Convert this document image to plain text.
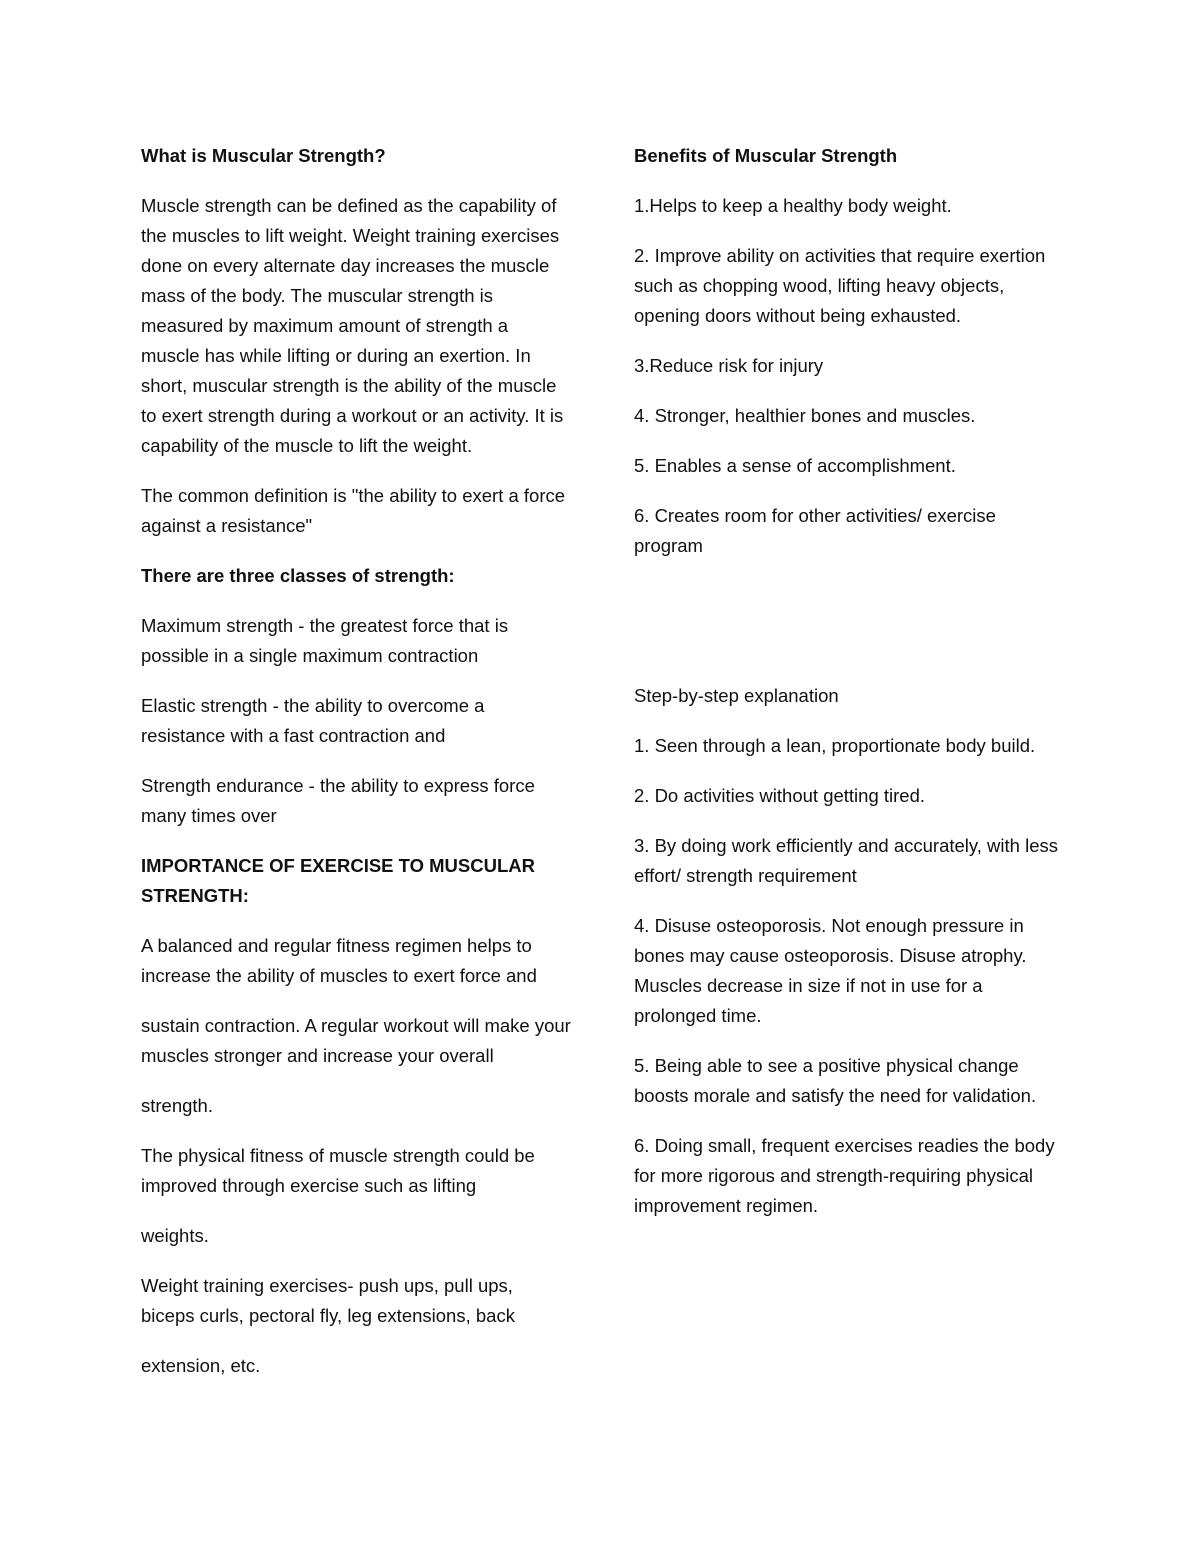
What is Muscular Strength?

Muscle strength can be defined as the capability of the muscles to lift weight. Weight training exercises done on every alternate day increases the muscle mass of the body. The muscular strength is measured by maximum amount of strength a muscle has while lifting or during an exertion. In short, muscular strength is the ability of the muscle to exert strength during a workout or an activity. It is capability of the muscle to lift the weight.

The common definition is "the ability to exert a force against a resistance"

There are three classes of strength:

Maximum strength - the greatest force that is possible in a single maximum contraction

Elastic strength - the ability to overcome a resistance with a fast contraction and

Strength endurance - the ability to express force many times over

IMPORTANCE OF EXERCISE TO MUSCULAR STRENGTH:

A balanced and regular fitness regimen helps to increase the ability of muscles to exert force and

sustain contraction. A regular workout will make your muscles stronger and increase your overall

strength.

The physical fitness of muscle strength could be improved through exercise such as lifting

weights.

Weight training exercises- push ups, pull ups, biceps curls, pectoral fly, leg extensions, back

extension, etc.

Benefits of Muscular Strength

1.Helps to keep a healthy body weight.

2. Improve ability on activities that require exertion such as chopping wood, lifting heavy objects, opening doors without being exhausted.

3.Reduce risk for injury

4. Stronger, healthier bones and muscles.

5. Enables a sense of accomplishment.

6. Creates room for other activities/ exercise program

Step-by-step explanation

1. Seen through a lean, proportionate body build.

2. Do activities without getting tired.

3. By doing work efficiently and accurately, with less effort/ strength requirement

4. Disuse osteoporosis. Not enough pressure in bones may cause osteoporosis. Disuse atrophy. Muscles decrease in size if not in use for a prolonged time.

5. Being able to see a positive physical change boosts morale and satisfy the need for validation.

6. Doing small, frequent exercises readies the body for more rigorous and strength-requiring physical improvement regimen.
